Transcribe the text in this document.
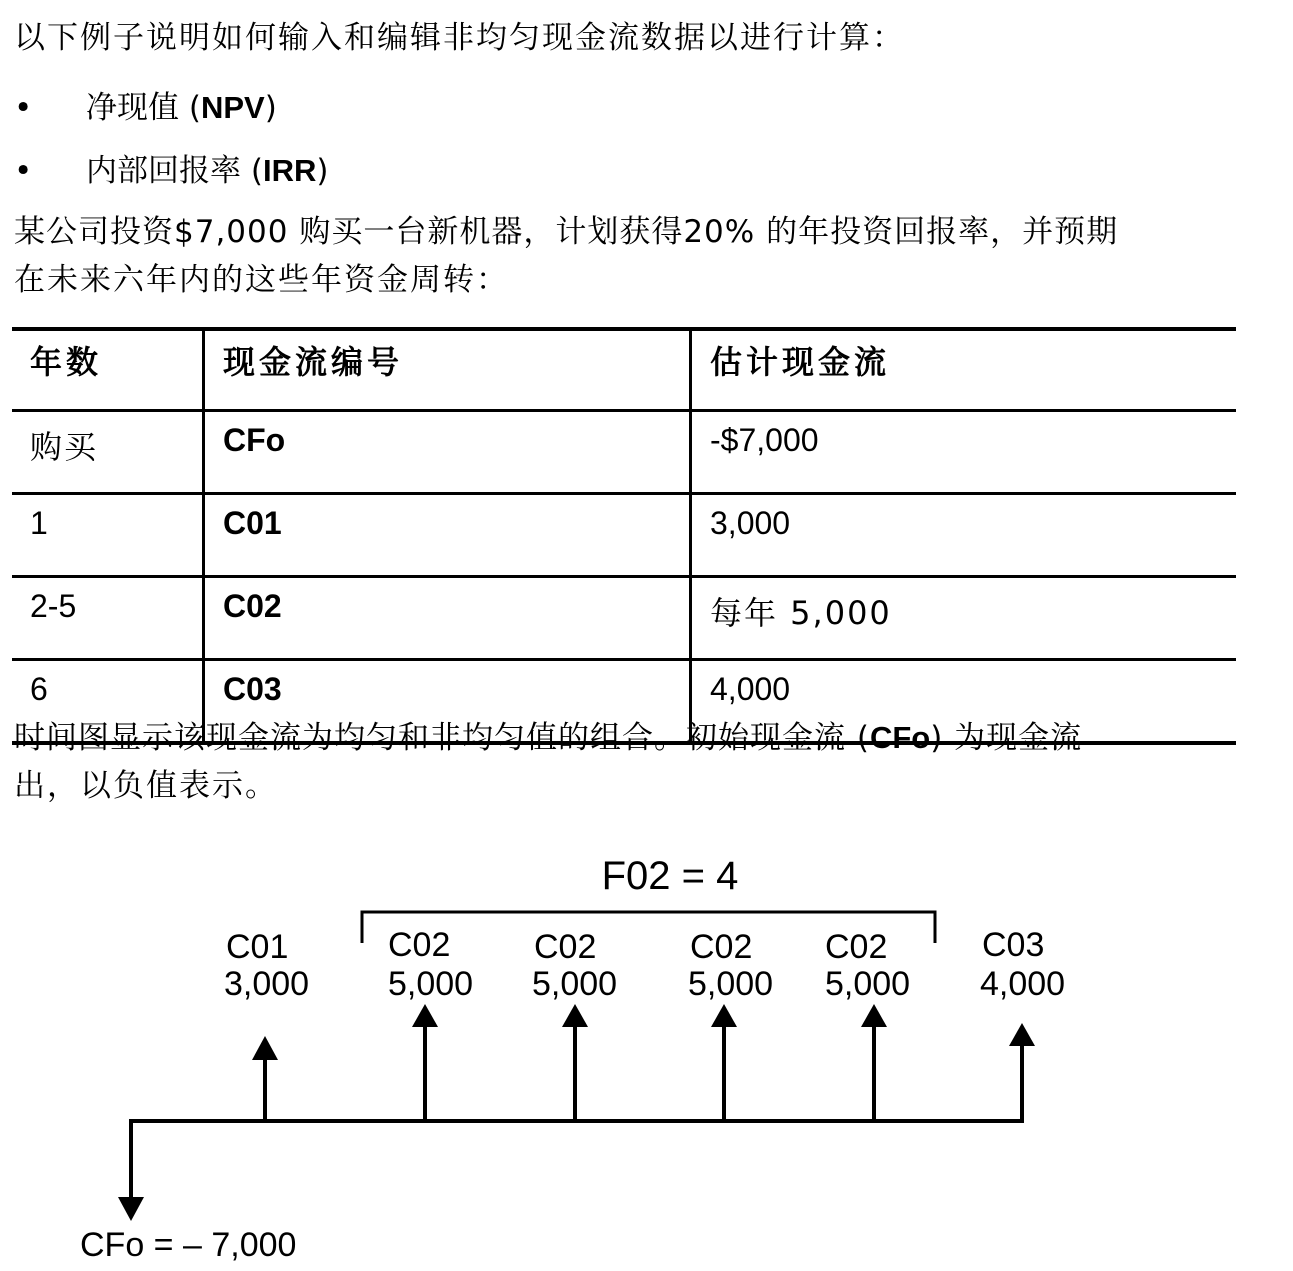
以下例子说明如何输入和编辑非均匀现金流数据以进行计算：

• 净现值 (NPV)
• 内部回报率 (IRR)

某公司投资$7,000 购买一台新机器，计划获得20% 的年投资回报率，并预期

在未来六年内的这些年资金周转：

年数	现金流编号	估计现金流
购买	CFo	-$7,000
1	C01	3,000
2-5	C02	每年 5,000
6	C03	4,000

时间图显示该现金流为均匀和非均匀值的组合。初始现金流 (CFo) 为现金流

出，以负值表示。

F02 = 4
C01
3,000
C02
5,000
C02
5,000
C02
5,000
C02
5,000
C03
4,000
CFo = – 7,000
